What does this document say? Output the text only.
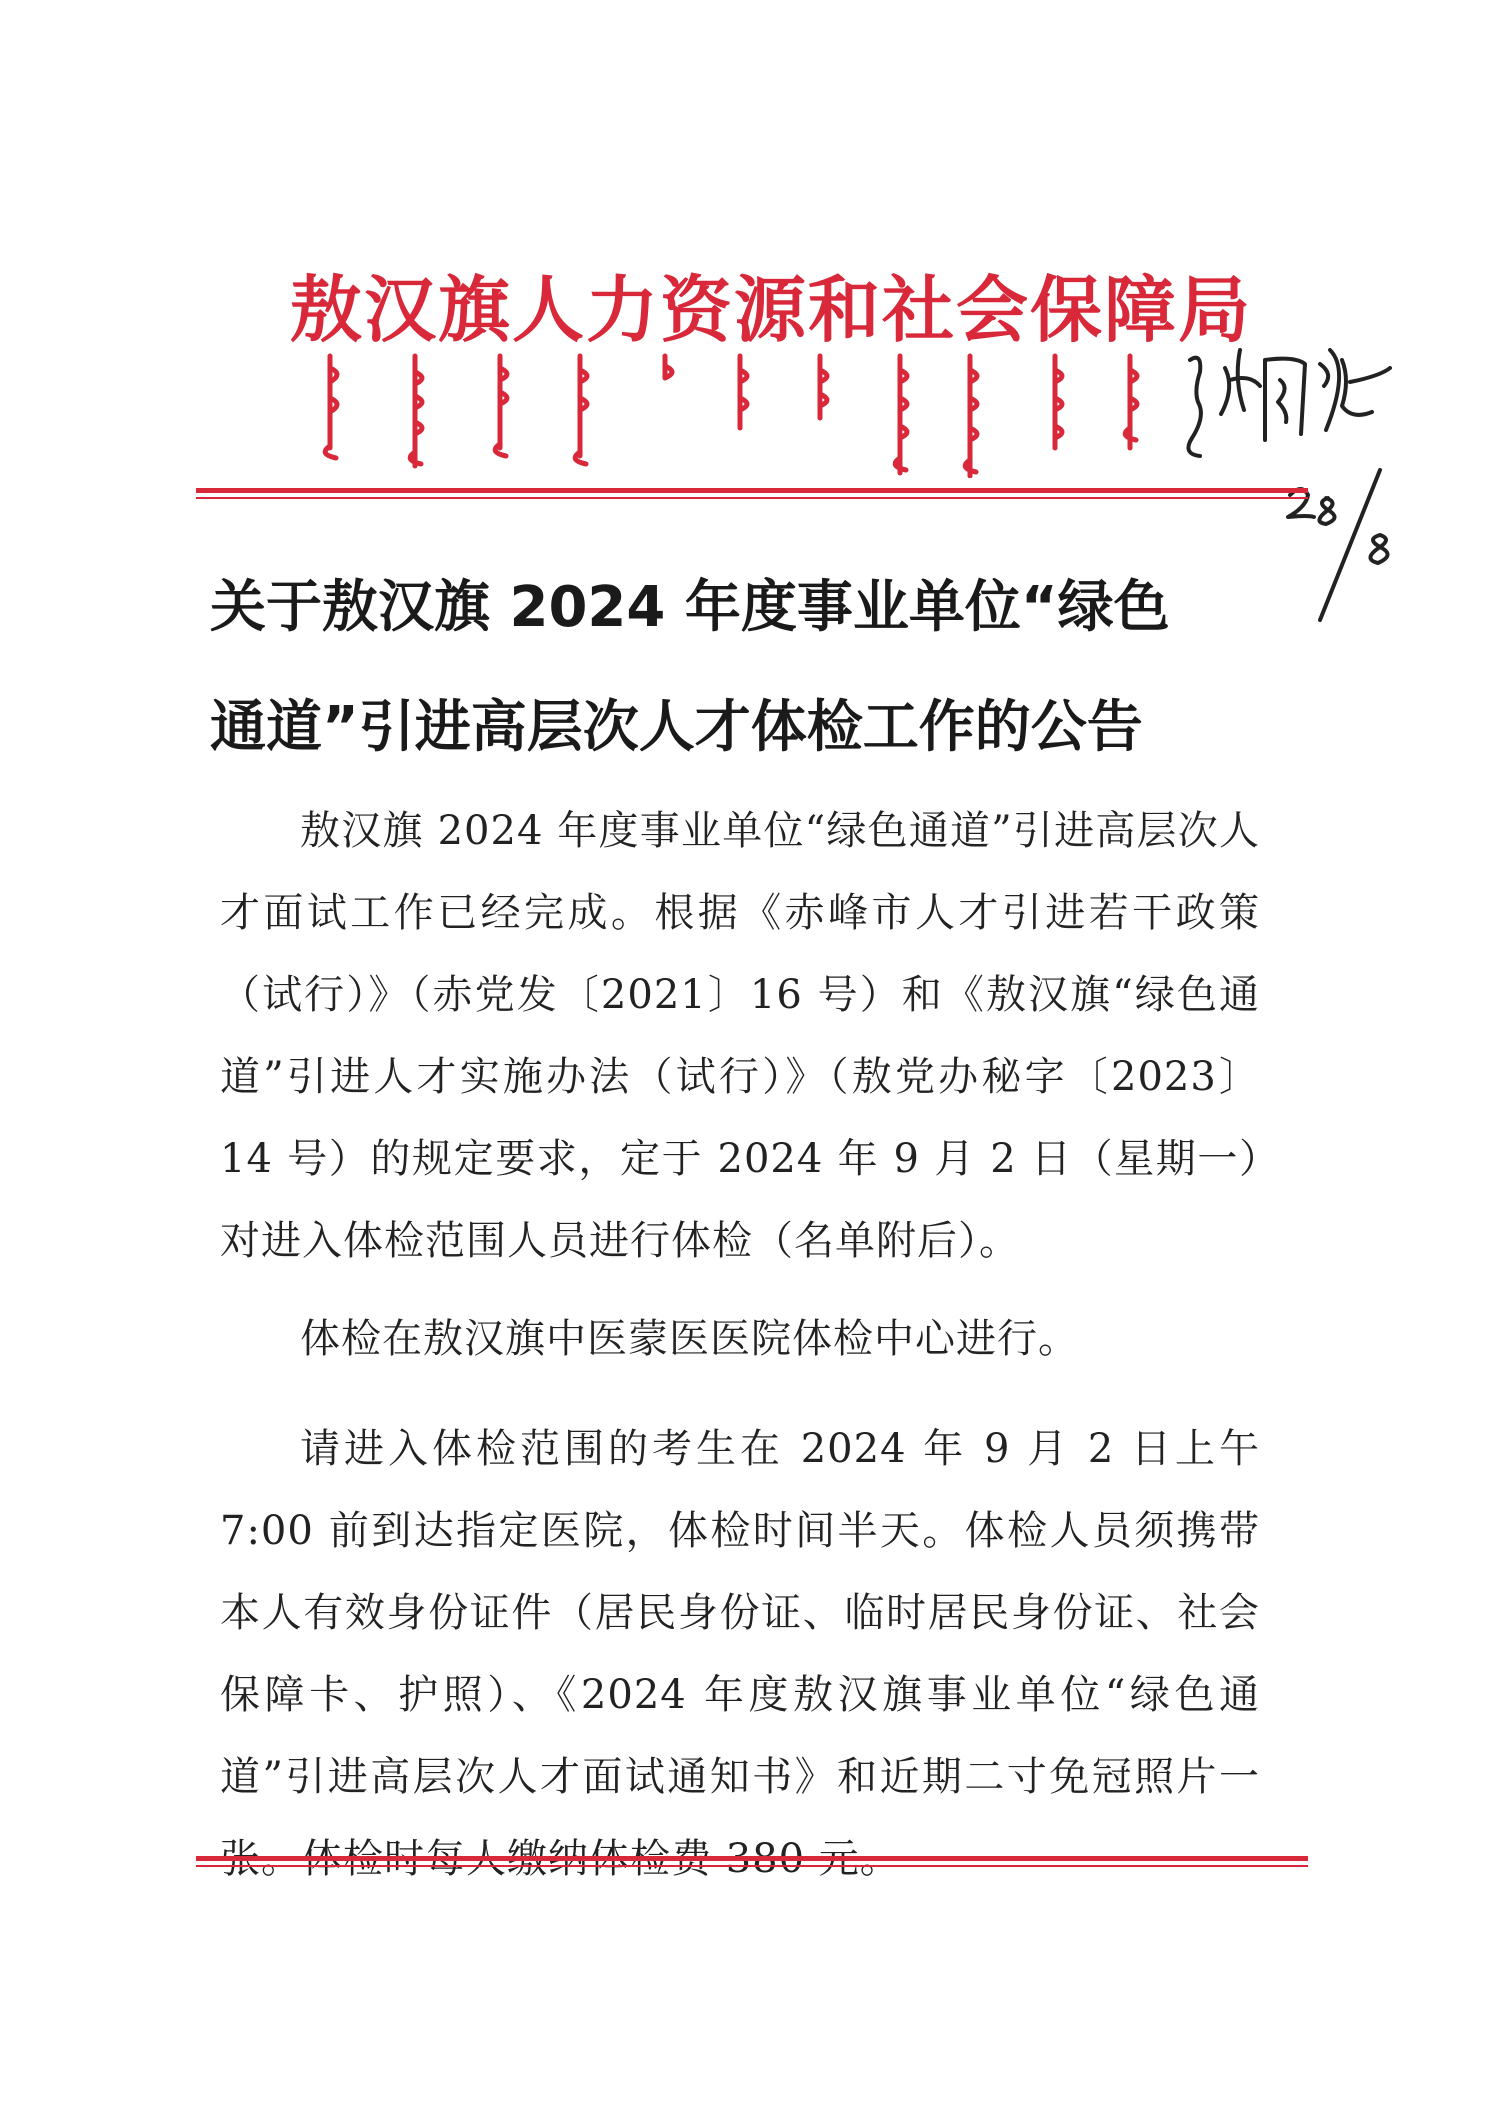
敖汉旗人力资源和社会保障局
关于敖汉旗 2024 年度事业单位“绿色
通道”引进高层次人才体检工作的公告

敖汉旗 2024 年度事业单位“绿色通道”引进高层次人才面试工作已经完成。根据《赤峰市人才引进若干政策（试行）》（赤党发〔2021〕16 号）和《敖汉旗“绿色通道”引进人才实施办法（试行）》（敖党办秘字〔2023〕14 号）的规定要求，定于 2024 年 9 月 2 日（星期一）对进入体检范围人员进行体检（名单附后）。

体检在敖汉旗中医蒙医医院体检中心进行。

请进入体检范围的考生在 2024 年 9 月 2 日上午 7:00 前到达指定医院，体检时间半天。体检人员须携带本人有效身份证件（居民身份证、临时居民身份证、社会保障卡、护照）、《2024 年度敖汉旗事业单位“绿色通道”引进高层次人才面试通知书》和近期二寸免冠照片一
